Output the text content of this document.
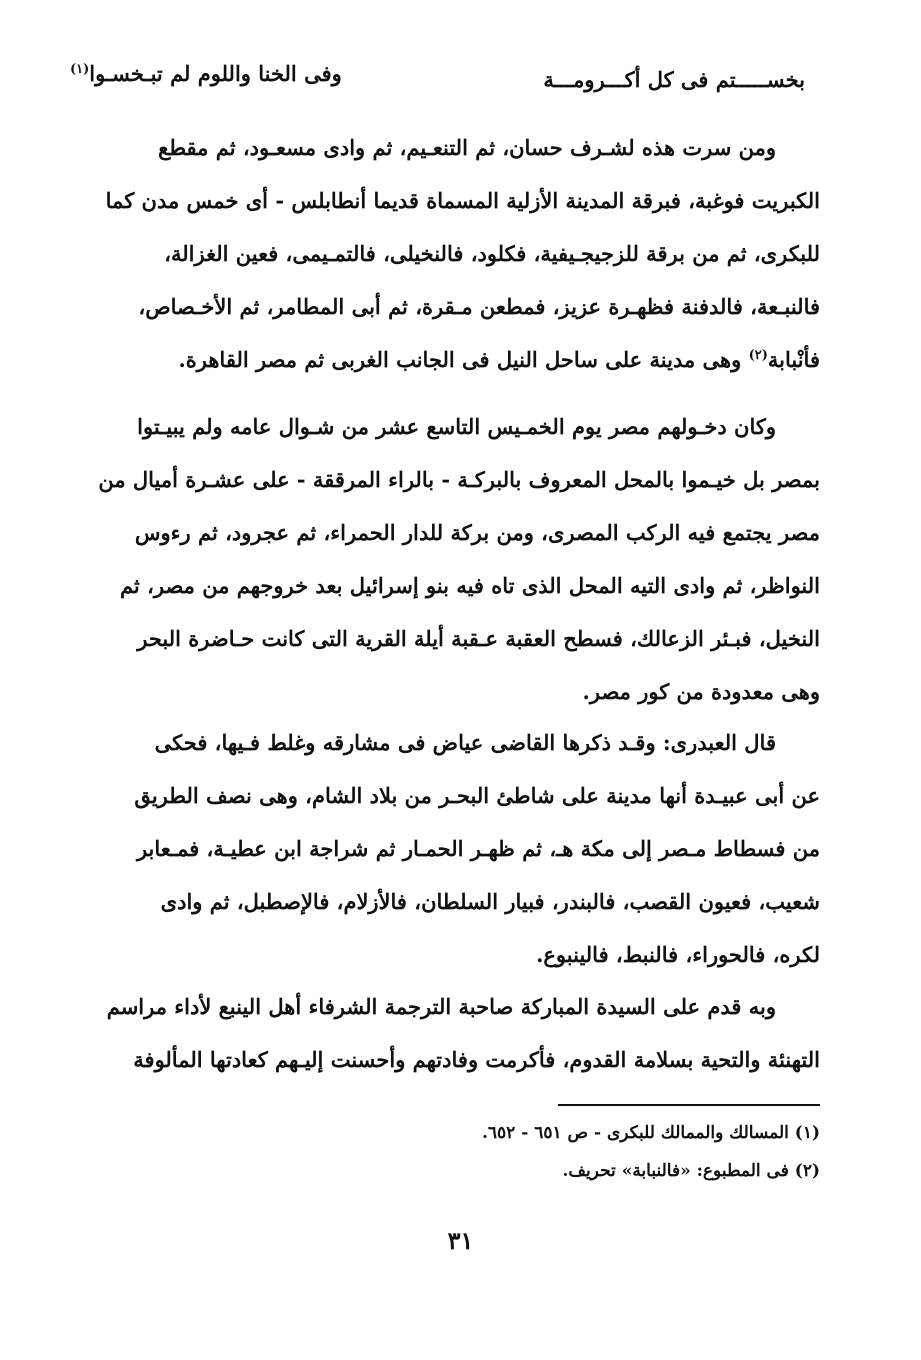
بخســـــتم فى كل أكـــرومـــة
وفى الخنا واللوم لم تبـخسـوا$^{(١)}$

ومن سرت هذه لشـرف حسان، ثم التنعـيم، ثم وادى مسعـود، ثم مقطع

الكبريت فوغبة، فبرقة المدينة الأزلية المسماة قديما أنطابلس - أى خمس مدن كما

للبكرى، ثم من برقة للزجيجـيفية، فكلود، فالنخيلى، فالتمـيمى، فعين الغزالة،

فالنبـعة، فالدفنة فظهـرة عزيز، فمطعن مـقرة، ثم أبى المطامر، ثم الأخـصاص،

فأنْبابة$^{(٢)}$ وهى مدينة على ساحل النيل فى الجانب الغربى ثم مصر القاهرة.

وكان دخـولهم مصر يوم الخمـيس التاسع عشر من شـوال عامه ولم يبيـتوا

بمصر بل خيـموا بالمحل المعروف بالبركـة - بالراء المرققة - على عشـرة أميال من

مصر يجتمع فيه الركب المصرى، ومن بركة للدار الحمراء، ثم عجرود، ثم رءوس

النواظر، ثم وادى التيه المحل الذى تاه فيه بنو إسرائيل بعد خروجهم من مصر، ثم

النخيل، فبـئر الزعالك، فسطح العقبة عـقبة أيلة القرية التى كانت حـاضرة البحر

وهى معدودة من كور مصر.

قال العبدرى: وقـد ذكرها القاضى عياض فى مشارقه وغلط فـيها، فحكى

عن أبى عبيـدة أنها مدينة على شاطئ البحـر من بلاد الشام، وهى نصف الطريق

من فسطاط مـصر إلى مكة هـ، ثم ظهـر الحمـار ثم شراجة ابن عطيـة، فمـعابر

شعيب، فعيون القصب، فالبندر، فبيار السلطان، فالأزلام، فالإصطبل، ثم وادى

لكره، فالحوراء، فالنبط، فالينبوع.

وبه قدم على السيدة المباركة صاحبة الترجمة الشرفاء أهل الينبع لأداء مراسم

التهنئة والتحية بسلامة القدوم، فأكرمت وفادتهم وأحسنت إليـهم كعادتها المألوفة

(١) المسالك والممالك للبكرى - ص ٦٥١ - ٦٥٢.

(٢) فى المطبوع: «فالنبابة» تحريف.

٣١
